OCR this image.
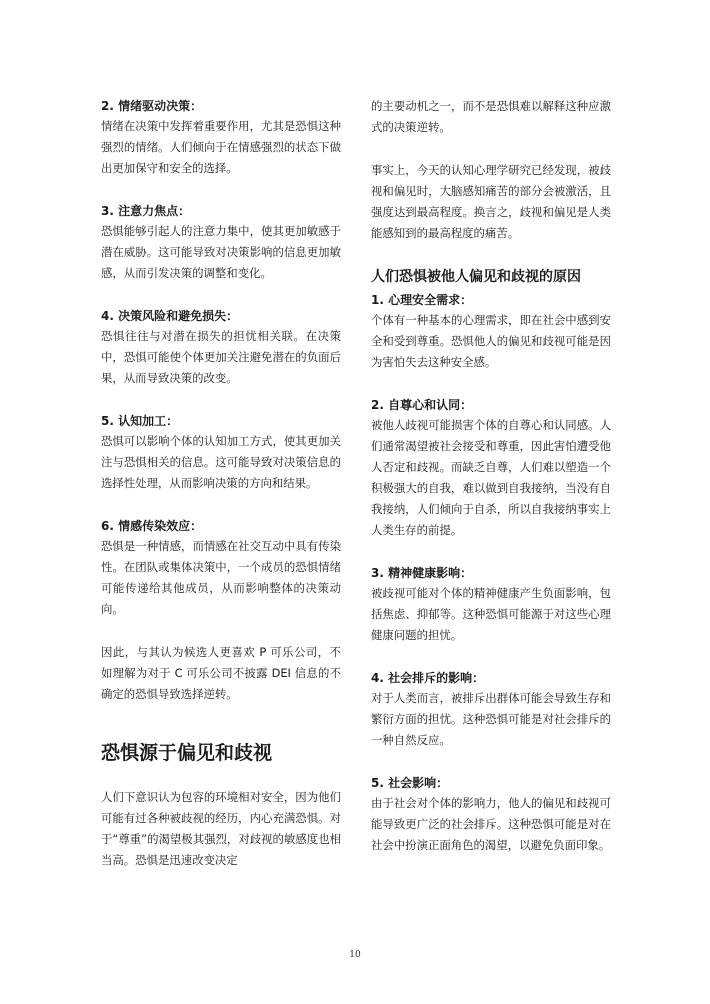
2. 情绪驱动决策：

情绪在决策中发挥着重要作用，尤其是恐惧这种强烈的情绪。人们倾向于在情感强烈的状态下做出更加保守和安全的选择。

3. 注意力焦点：

恐惧能够引起人的注意力集中，使其更加敏感于潜在威胁。这可能导致对决策影响的信息更加敏感，从而引发决策的调整和变化。

4. 决策风险和避免损失：

恐惧往往与对潜在损失的担忧相关联。在决策中，恐惧可能使个体更加关注避免潜在的负面后果，从而导致决策的改变。

5. 认知加工：

恐惧可以影响个体的认知加工方式，使其更加关注与恐惧相关的信息。这可能导致对决策信息的选择性处理，从而影响决策的方向和结果。

6. 情感传染效应：

恐惧是一种情感，而情感在社交互动中具有传染性。在团队或集体决策中，一个成员的恐惧情绪可能传递给其他成员，从而影响整体的决策动向。

因此，与其认为候选人更喜欢 P 可乐公司，不如理解为对于 C 可乐公司不披露 DEI 信息的不确定的恐惧导致选择逆转。

恐惧源于偏见和歧视

人们下意识认为包容的环境相对安全，因为他们可能有过各种被歧视的经历，内心充满恐惧。对于“尊重”的渴望极其强烈，对歧视的敏感度也相当高。恐惧是迅速改变决定

的主要动机之一，而不是恐惧难以解释这种应激式的决策逆转。

事实上，今天的认知心理学研究已经发现，被歧视和偏见时，大脑感知痛苦的部分会被激活，且强度达到最高程度。换言之，歧视和偏见是人类能感知到的最高程度的痛苦。

人们恐惧被他人偏见和歧视的原因
1. 心理安全需求：

个体有一种基本的心理需求，即在社会中感到安全和受到尊重。恐惧他人的偏见和歧视可能是因为害怕失去这种安全感。

2. 自尊心和认同：

被他人歧视可能损害个体的自尊心和认同感。人们通常渴望被社会接受和尊重，因此害怕遭受他人否定和歧视。而缺乏自尊，人们难以塑造一个积极强大的自我，难以做到自我接纳，当没有自我接纳，人们倾向于自杀，所以自我接纳事实上人类生存的前提。

3. 精神健康影响：

被歧视可能对个体的精神健康产生负面影响，包括焦虑、抑郁等。这种恐惧可能源于对这些心理健康问题的担忧。

4. 社会排斥的影响：

对于人类而言，被排斥出群体可能会导致生存和繁衍方面的担忧。这种恐惧可能是对社会排斥的一种自然反应。

5. 社会影响：

由于社会对个体的影响力，他人的偏见和歧视可能导致更广泛的社会排斥。这种恐惧可能是对在社会中扮演正面角色的渴望，以避免负面印象。

10
